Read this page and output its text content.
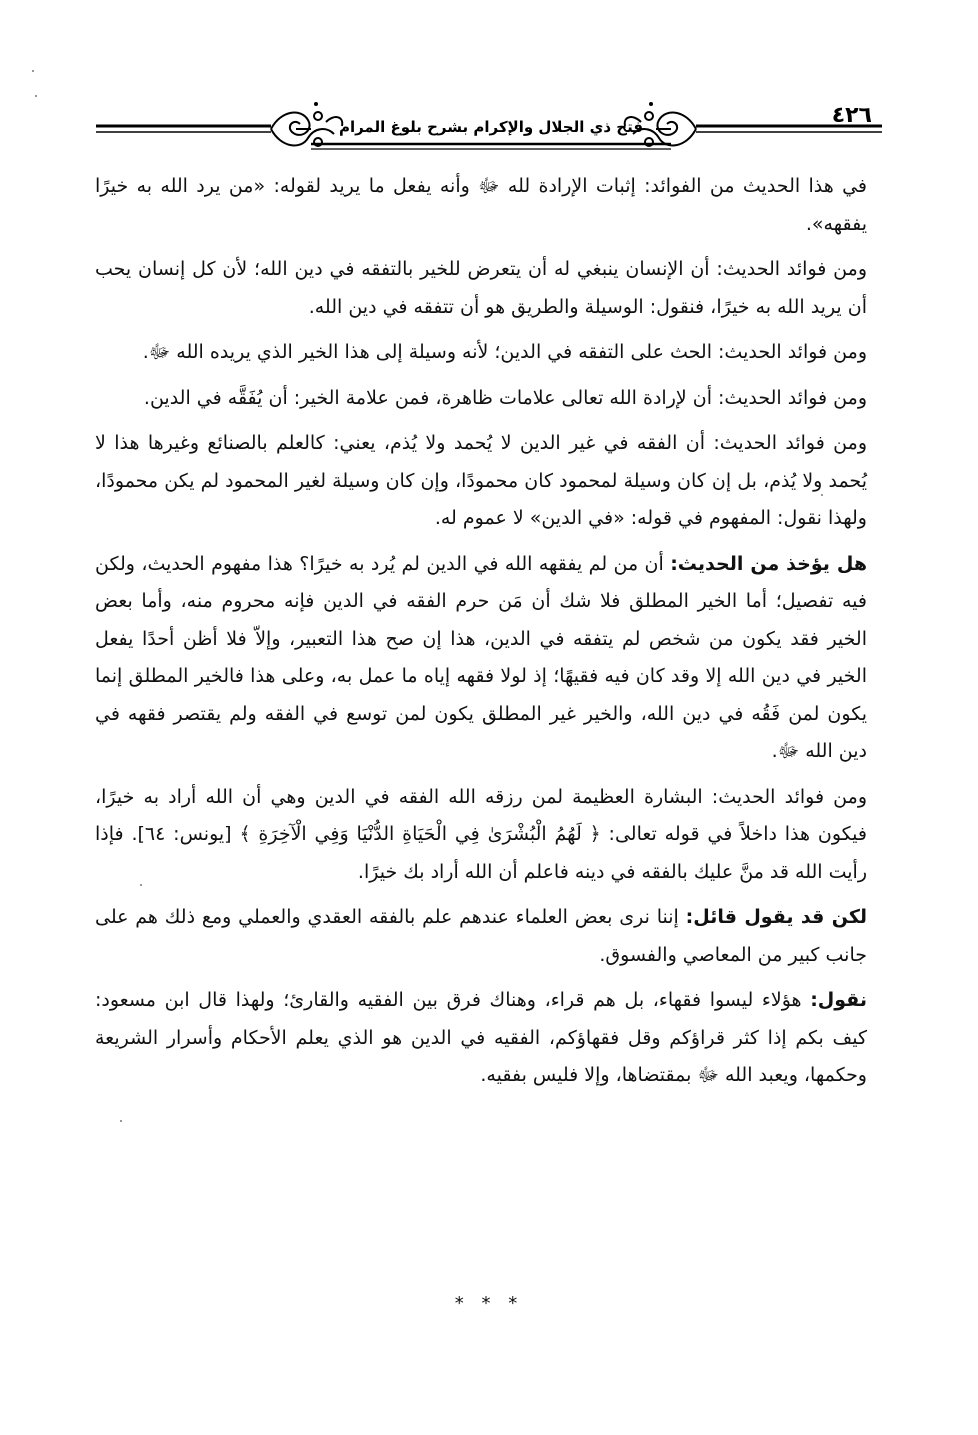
فتح ذي الجلال والإكرام بشرح بلوغ المرام	٤٢٦

في هذا الحديث من الفوائد: إثبات الإرادة لله ﷻ وأنه يفعل ما يريد لقوله: «من يرد الله به خيرًا يفقهه».

ومن فوائد الحديث: أن الإنسان ينبغي له أن يتعرض للخير بالتفقه في دين الله؛ لأن كل إنسان يحب أن يريد الله به خيرًا، فنقول: الوسيلة والطريق هو أن تتفقه في دين الله.

ومن فوائد الحديث: الحث على التفقه في الدين؛ لأنه وسيلة إلى هذا الخير الذي يريده الله ﷻ.

ومن فوائد الحديث: أن لإرادة الله تعالى علامات ظاهرة، فمن علامة الخير: أن يُفَقَّه في الدين.

ومن فوائد الحديث: أن الفقه في غير الدين لا يُحمد ولا يُذم، يعني: كالعلم بالصنائع وغيرها هذا لا يُحمد ولا يُذم، بل إن كان وسيلة لمحمود كان محمودًا، وإن كان وسيلة لغير المحمود لم يكن محمودًا، ولهذا نقول: المفهوم في قوله: «في الدين» لا عموم له.

هل يؤخذ من الحديث: أن من لم يفقهه الله في الدين لم يُرد به خيرًا؟ هذا مفهوم الحديث، ولكن فيه تفصيل؛ أما الخير المطلق فلا شك أن مَن حرم الفقه في الدين فإنه محروم منه، وأما بعض الخير فقد يكون من شخص لم يتفقه في الدين، هذا إن صح هذا التعبير، وإلاّ فلا أظن أحدًا يفعل الخير في دين الله إلا وقد كان فيه فقيهًا؛ إذ لولا فقهه إياه ما عمل به، وعلى هذا فالخير المطلق إنما يكون لمن فَقُه في دين الله، والخير غير المطلق يكون لمن توسع في الفقه ولم يقتصر فقهه في دين الله ﷻ.

ومن فوائد الحديث: البشارة العظيمة لمن رزقه الله الفقه في الدين وهي أن الله أراد به خيرًا، فيكون هذا داخلاً في قوله تعالى: ﴿ لَهُمُ الْبُشْرَىٰ فِي الْحَيَاةِ الدُّنْيَا وَفِي الْآخِرَةِ ﴾ [يونس: ٦٤]. فإذا رأيت الله قد منَّ عليك بالفقه في دينه فاعلم أن الله أراد بك خيرًا.

لكن قد يقول قائل: إننا نرى بعض العلماء عندهم علم بالفقه العقدي والعملي ومع ذلك هم على جانب كبير من المعاصي والفسوق.

نقول: هؤلاء ليسوا فقهاء، بل هم قراء، وهناك فرق بين الفقيه والقارئ؛ ولهذا قال ابن مسعود: كيف بكم إذا كثر قراؤكم وقل فقهاؤكم، الفقيه في الدين هو الذي يعلم الأحكام وأسرار الشريعة وحكمها، ويعبد الله ﷻ بمقتضاها، وإلا فليس بفقيه.

* * *
